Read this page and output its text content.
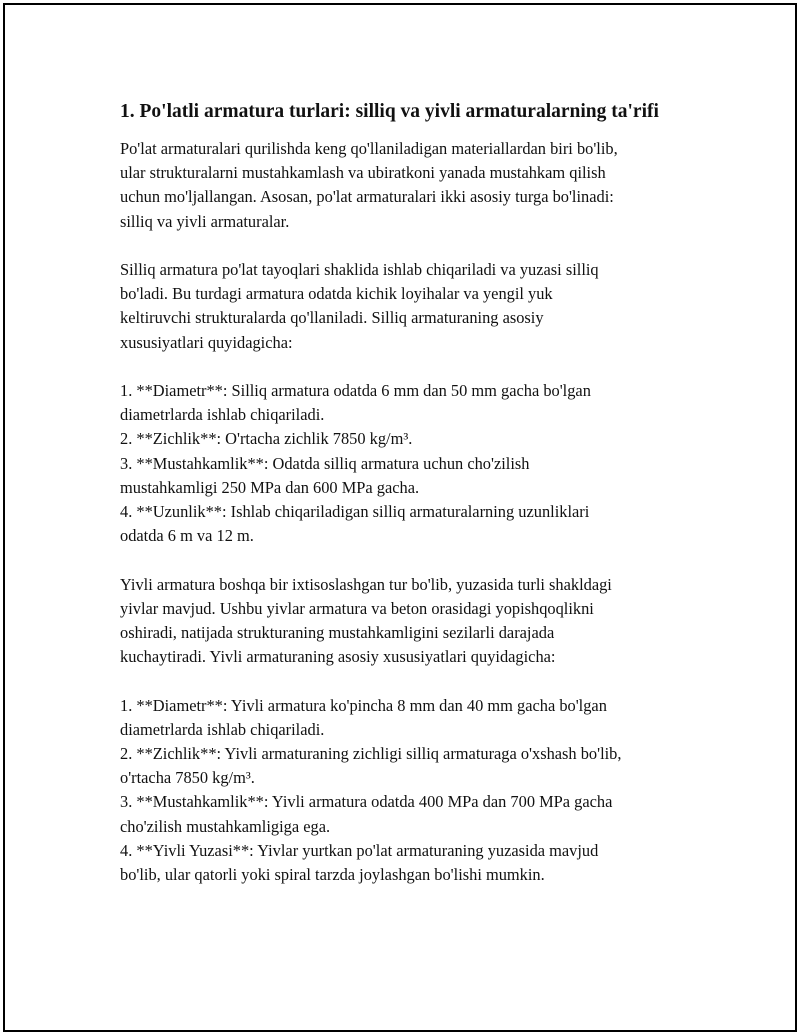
1. Po'latli armatura turlari: silliq va yivli armaturalarning ta'rifi

Po'lat armaturalari qurilishda keng qo'llaniladigan materiallardan biri bo'lib,

ular strukturalarni mustahkamlash va ubiratkoni yanada mustahkam qilish

uchun mo'ljallangan. Asosan, po'lat armaturalari ikki asosiy turga bo'linadi:

silliq va yivli armaturalar.

Silliq armatura po'lat tayoqlari shaklida ishlab chiqariladi va yuzasi silliq

bo'ladi. Bu turdagi armatura odatda kichik loyihalar va yengil yuk

keltiruvchi strukturalarda qo'llaniladi. Silliq armaturaning asosiy

xususiyatlari quyidagicha:

1. **Diametr**: Silliq armatura odatda 6 mm dan 50 mm gacha bo'lgan

diametrlarda ishlab chiqariladi.

2. **Zichlik**: O'rtacha zichlik 7850 kg/m³.

3. **Mustahkamlik**: Odatda silliq armatura uchun cho'zilish

mustahkamligi 250 MPa dan 600 MPa gacha.

4. **Uzunlik**: Ishlab chiqariladigan silliq armaturalarning uzunliklari

odatda 6 m va 12 m.

Yivli armatura boshqa bir ixtisoslashgan tur bo'lib, yuzasida turli shakldagi

yivlar mavjud. Ushbu yivlar armatura va beton orasidagi yopishqoqlikni

oshiradi, natijada strukturaning mustahkamligini sezilarli darajada

kuchaytiradi. Yivli armaturaning asosiy xususiyatlari quyidagicha:

1. **Diametr**: Yivli armatura ko'pincha 8 mm dan 40 mm gacha bo'lgan

diametrlarda ishlab chiqariladi.

2. **Zichlik**: Yivli armaturaning zichligi silliq armaturaga o'xshash bo'lib,

o'rtacha 7850 kg/m³.

3. **Mustahkamlik**: Yivli armatura odatda 400 MPa dan 700 MPa gacha

cho'zilish mustahkamligiga ega.

4. **Yivli Yuzasi**: Yivlar yurtkan po'lat armaturaning yuzasida mavjud

bo'lib, ular qatorli yoki spiral tarzda joylashgan bo'lishi mumkin.
